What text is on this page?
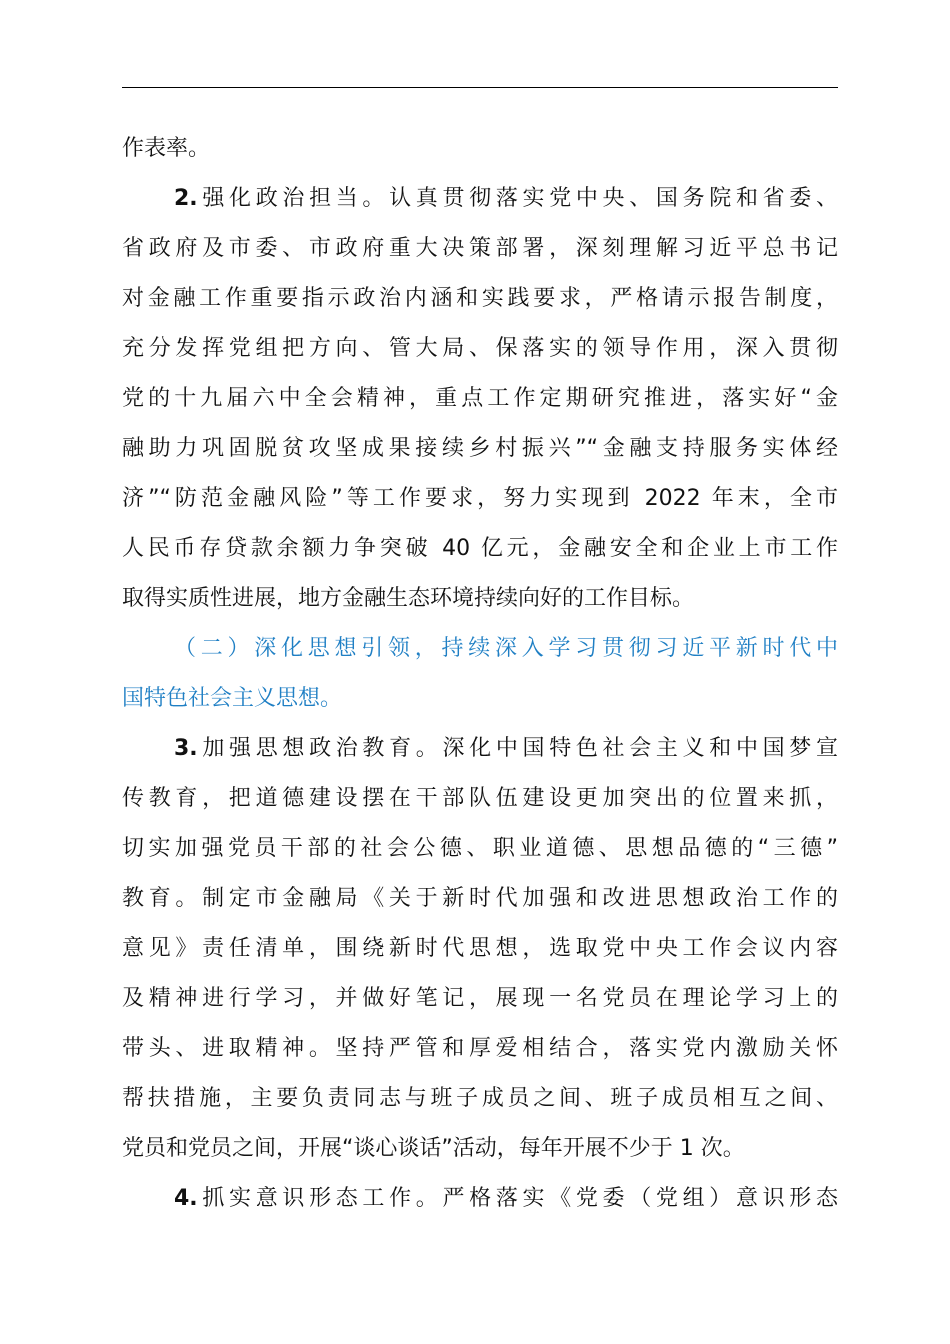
作表率。
2.强化政治担当。认真贯彻落实党中央、国务院和省委、
省政府及市委、市政府重大决策部署，深刻理解习近平总书记
对金融工作重要指示政治内涵和实践要求，严格请示报告制度，
充分发挥党组把方向、管大局、保落实的领导作用，深入贯彻
党的十九届六中全会精神，重点工作定期研究推进，落实好“金
融助力巩固脱贫攻坚成果接续乡村振兴”“金融支持服务实体经
济”“防范金融风险”等工作要求，努力实现到 2022 年末，全市
人民币存贷款余额力争突破 40 亿元，金融安全和企业上市工作
取得实质性进展，地方金融生态环境持续向好的工作目标。
（二）深化思想引领，持续深入学习贯彻习近平新时代中
国特色社会主义思想。
3.加强思想政治教育。深化中国特色社会主义和中国梦宣
传教育，把道德建设摆在干部队伍建设更加突出的位置来抓，
切实加强党员干部的社会公德、职业道德、思想品德的“三德”
教育。制定市金融局《关于新时代加强和改进思想政治工作的
意见》责任清单，围绕新时代思想，选取党中央工作会议内容
及精神进行学习，并做好笔记，展现一名党员在理论学习上的
带头、进取精神。坚持严管和厚爱相结合，落实党内激励关怀
帮扶措施，主要负责同志与班子成员之间、班子成员相互之间、
党员和党员之间，开展“谈心谈话”活动，每年开展不少于 1 次。
4.抓实意识形态工作。严格落实《党委（党组）意识形态
